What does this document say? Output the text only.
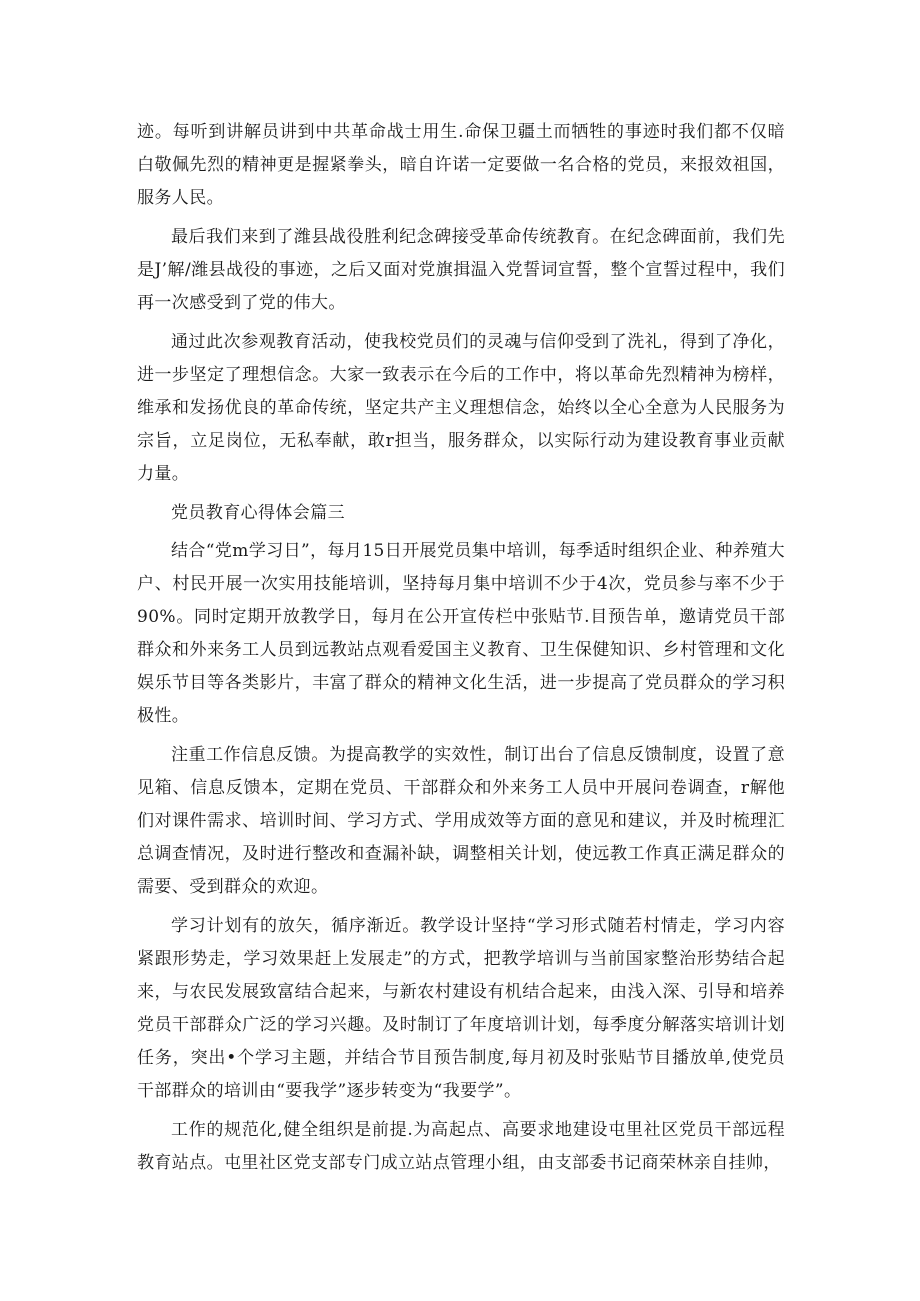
迹。每听到讲解员讲到中共革命战士用生.命保卫疆土而牺牲的事迹时我们都不仅暗白敬佩先烈的精神更是握紧拳头，暗自许诺一定要做一名合格的党员，来报效祖国，服务人民。

最后我们来到了潍县战役胜利纪念碑接受革命传统教育。在纪念碑面前，我们先是J’解/潍县战役的事迹，之后又面对党旗揖温入党誓词宣誓，整个宣誓过程中，我们再一次感受到了党的伟大。

通过此次参观教育活动，使我校党员们的灵魂与信仰受到了洗礼，得到了净化，进一步坚定了理想信念。大家一致表示在今后的工作中，将以革命先烈精神为榜样，维承和发扬优良的革命传统，坚定共产主义理想信念，始终以全心全意为人民服务为宗旨，立足岗位，无私奉献，敢r担当，服务群众，以实际行动为建设教育事业贡献力量。

党员教育心得体会篇三

结合“党m学习日”，每月15日开展党员集中培训，每季适时组织企业、种养殖大户、村民开展一次实用技能培训，坚持每月集中培训不少于4次，党员参与率不少于90%。同时定期开放教学日，每月在公开宣传栏中张贴节.目预告单，邀请党员干部群众和外来务工人员到远教站点观看爱国主义教育、卫生保健知识、乡村管理和文化娱乐节目等各类影片，丰富了群众的精神文化生活，进一步提高了党员群众的学习积极性。

注重工作信息反馈。为提高教学的实效性，制订出台了信息反馈制度，设置了意见箱、信息反馈本，定期在党员、干部群众和外来务工人员中开展问卷调查，r解他们对课件需求、培训时间、学习方式、学用成效等方面的意见和建议，并及时梳理汇总调查情况，及时进行整改和查漏补缺，调整相关计划，使远教工作真正满足群众的需要、受到群众的欢迎。

学习计划有的放矢，循序渐近。教学设计坚持“学习形式随若村情走，学习内容紧跟形势走，学习效果赶上发展走”的方式，把教学培训与当前国家整治形势结合起来，与农民发展致富结合起来，与新农村建设有机结合起来，由浅入深、引导和培养党员干部群众广泛的学习兴趣。及时制订了年度培训计划，每季度分解落实培训计划任务，突出•个学习主题，并结合节目预告制度,每月初及时张贴节目播放单,使党员干部群众的培训由“要我学”逐步转变为“我要学”。

工作的规范化,健全组织是前提.为高起点、高要求地建设屯里社区党员干部远程教育站点。屯里社区党支部专门成立站点管理小组，由支部委书记商荣林亲自挂帅，
